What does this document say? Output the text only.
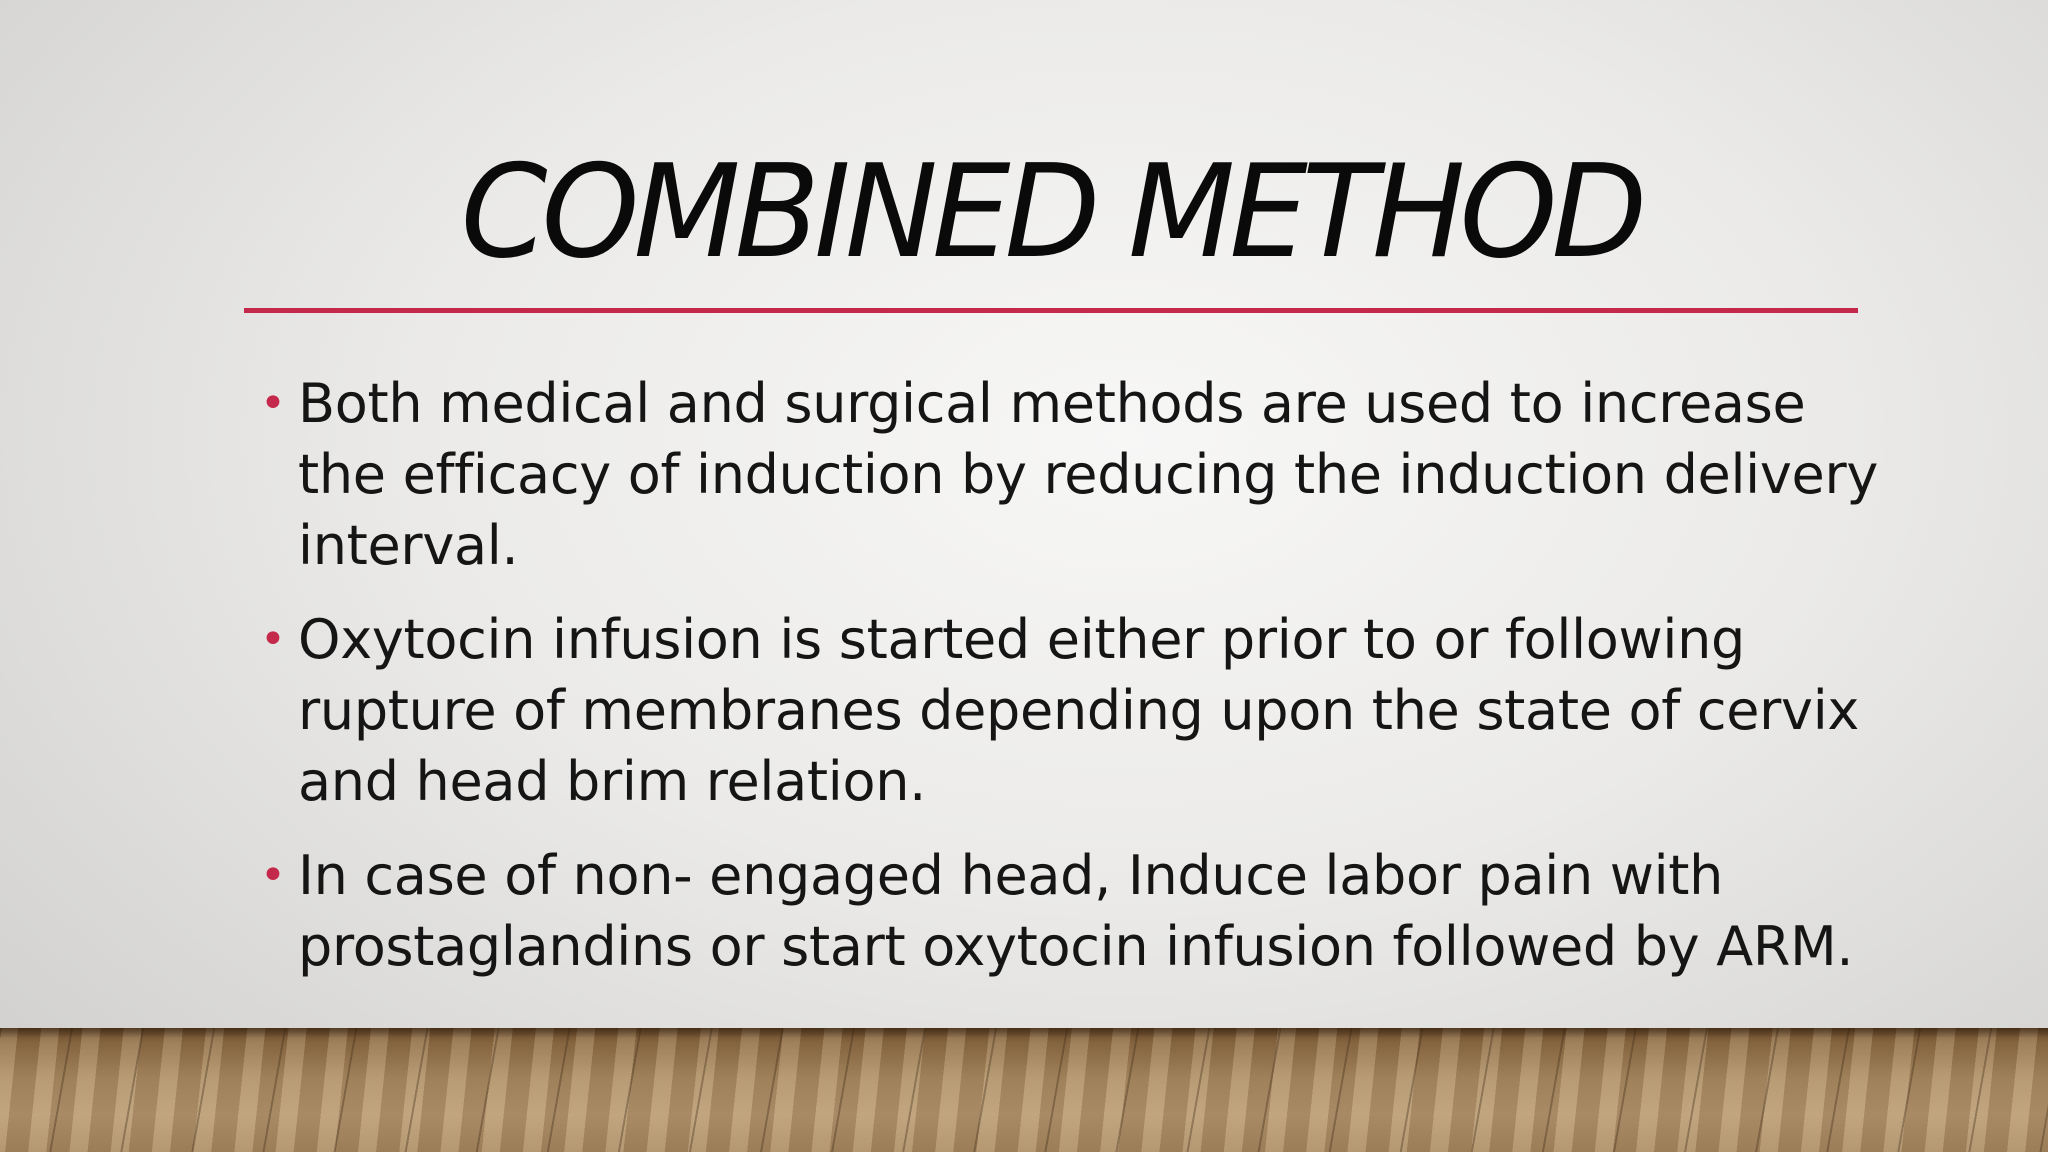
COMBINED METHOD
• Both medical and surgical methods are used to increase the efficacy of induction by reducing the induction delivery interval.
• Oxytocin infusion is started either prior to or following rupture of membranes depending upon the state of cervix and head brim relation.
• In case of non- engaged head, Induce labor pain with prostaglandins or start oxytocin infusion followed by ARM.
